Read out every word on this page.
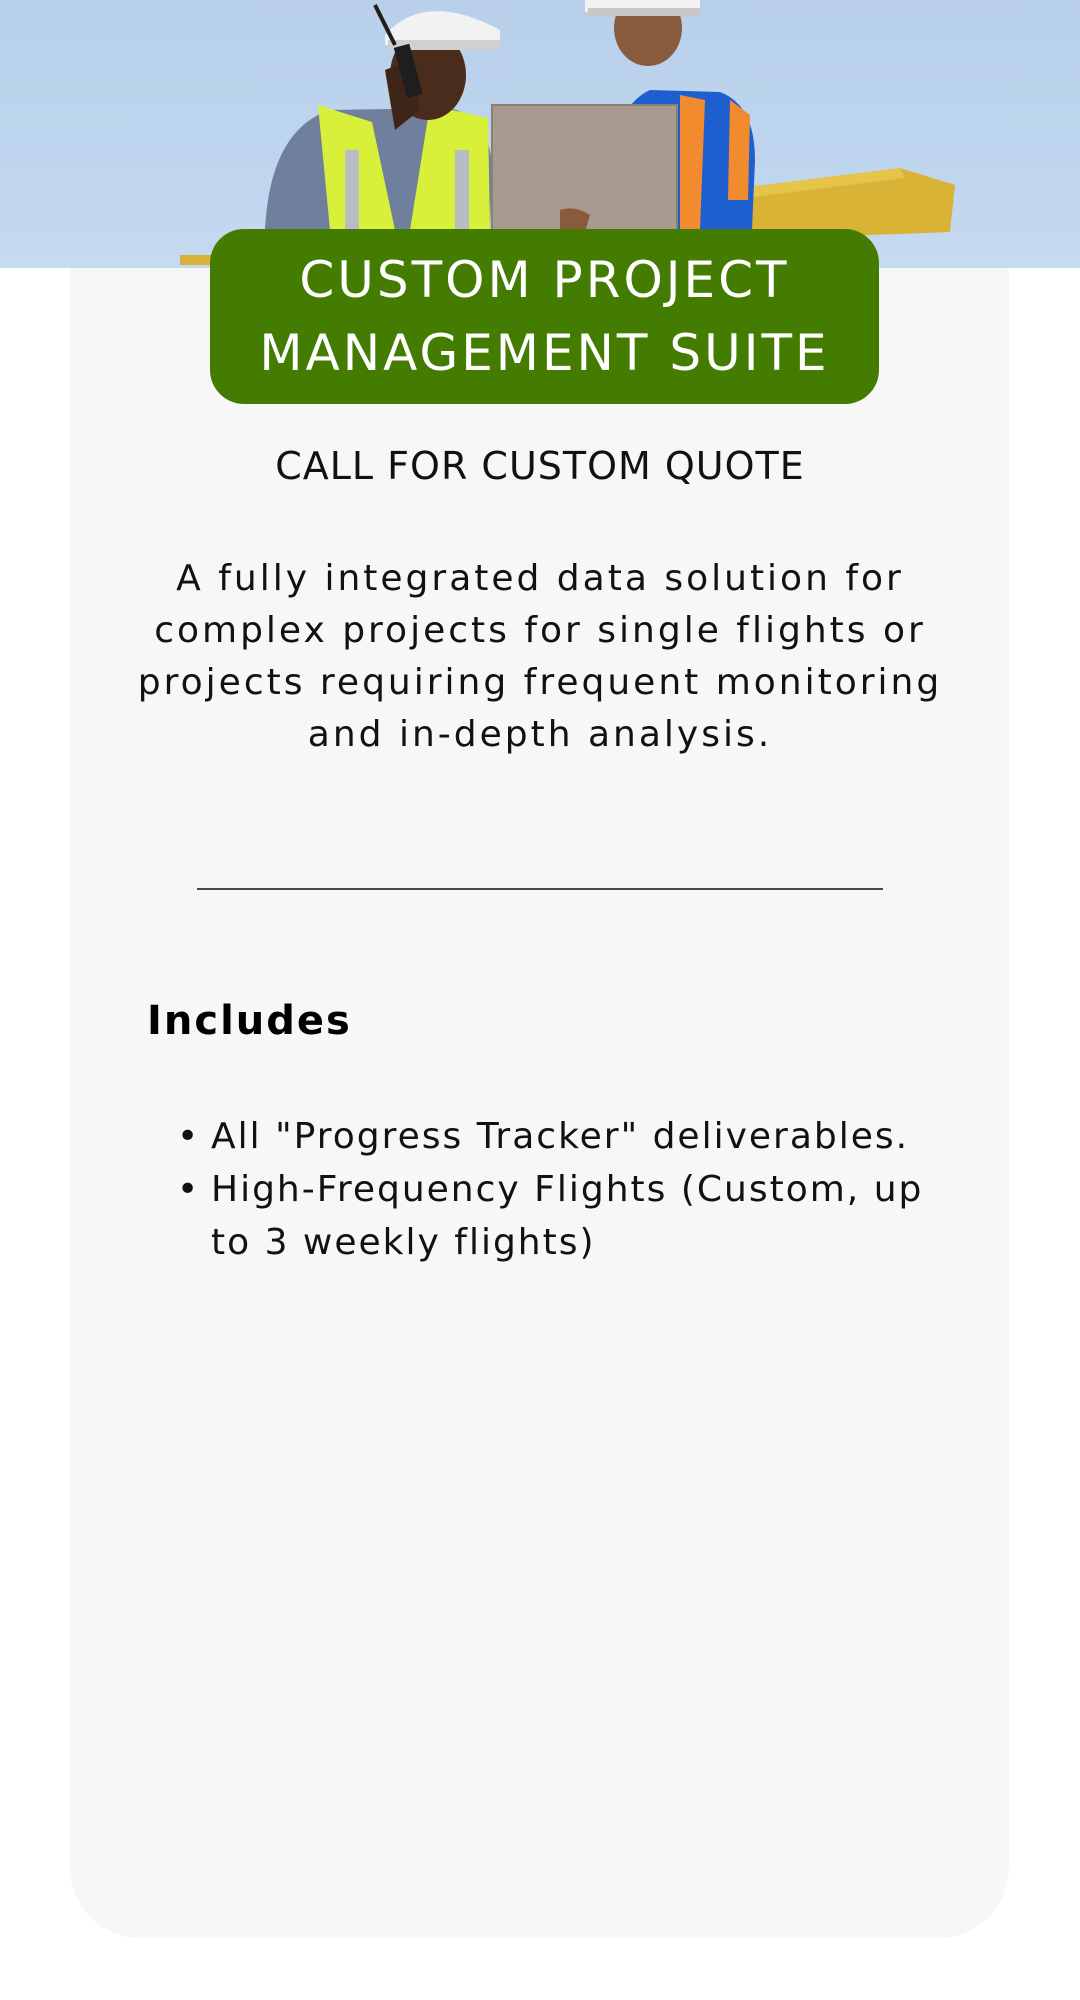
CUSTOM PROJECT
MANAGEMENT SUITE
CALL FOR CUSTOM QUOTE
A fully integrated data solution for complex projects for single flights or projects requiring frequent monitoring and in-depth analysis.
Includes
• All "Progress Tracker" deliverables.
• High-Frequency Flights (Custom, up to 3 weekly flights)
